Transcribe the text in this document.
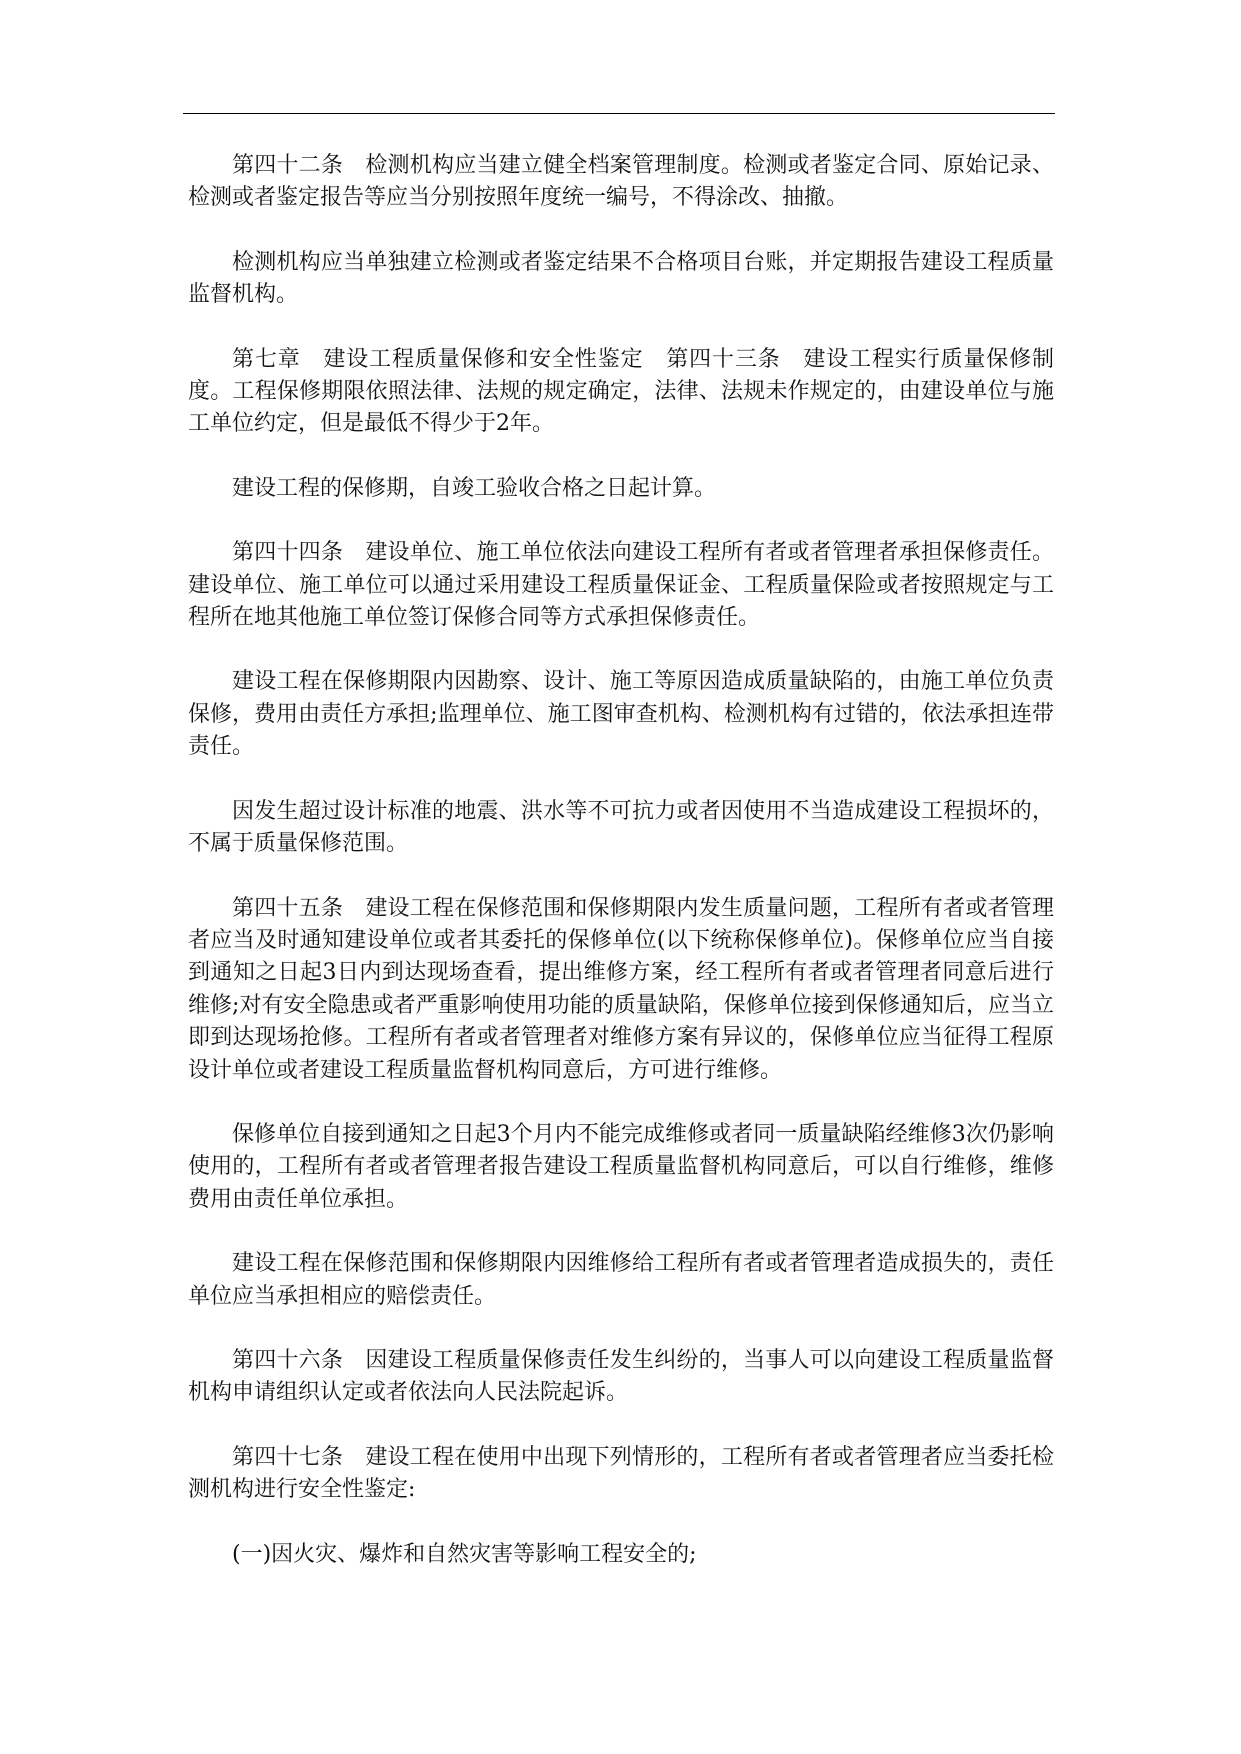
第四十二条　检测机构应当建立健全档案管理制度。检测或者鉴定合同、原始记录、检测或者鉴定报告等应当分别按照年度统一编号，不得涂改、抽撤。

检测机构应当单独建立检测或者鉴定结果不合格项目台账，并定期报告建设工程质量监督机构。

第七章　建设工程质量保修和安全性鉴定　第四十三条　建设工程实行质量保修制度。工程保修期限依照法律、法规的规定确定，法律、法规未作规定的，由建设单位与施工单位约定，但是最低不得少于2年。

建设工程的保修期，自竣工验收合格之日起计算。

第四十四条　建设单位、施工单位依法向建设工程所有者或者管理者承担保修责任。建设单位、施工单位可以通过采用建设工程质量保证金、工程质量保险或者按照规定与工程所在地其他施工单位签订保修合同等方式承担保修责任。

建设工程在保修期限内因勘察、设计、施工等原因造成质量缺陷的，由施工单位负责保修，费用由责任方承担;监理单位、施工图审查机构、检测机构有过错的，依法承担连带责任。

因发生超过设计标准的地震、洪水等不可抗力或者因使用不当造成建设工程损坏的，不属于质量保修范围。

第四十五条　建设工程在保修范围和保修期限内发生质量问题，工程所有者或者管理者应当及时通知建设单位或者其委托的保修单位(以下统称保修单位)。保修单位应当自接到通知之日起3日内到达现场查看，提出维修方案，经工程所有者或者管理者同意后进行维修;对有安全隐患或者严重影响使用功能的质量缺陷，保修单位接到保修通知后，应当立即到达现场抢修。工程所有者或者管理者对维修方案有异议的，保修单位应当征得工程原设计单位或者建设工程质量监督机构同意后，方可进行维修。

保修单位自接到通知之日起3个月内不能完成维修或者同一质量缺陷经维修3次仍影响使用的，工程所有者或者管理者报告建设工程质量监督机构同意后，可以自行维修，维修费用由责任单位承担。

建设工程在保修范围和保修期限内因维修给工程所有者或者管理者造成损失的，责任单位应当承担相应的赔偿责任。

第四十六条　因建设工程质量保修责任发生纠纷的，当事人可以向建设工程质量监督机构申请组织认定或者依法向人民法院起诉。

第四十七条　建设工程在使用中出现下列情形的，工程所有者或者管理者应当委托检测机构进行安全性鉴定:

(一)因火灾、爆炸和自然灾害等影响工程安全的;
